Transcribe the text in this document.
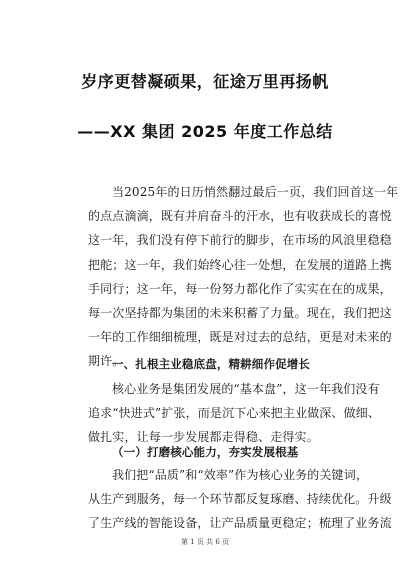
岁序更替凝硕果，征途万里再扬帆
——XX 集团 2025 年度工作总结
当2025年的日历悄然翻过最后一页，我们回首这一年
的点点滴滴，既有并肩奋斗的汗水，也有收获成长的喜悦
这一年，我们没有停下前行的脚步，在市场的风浪里稳稳
把舵；这一年，我们始终心往一处想，在发展的道路上携
手同行；这一年，每一份努力都化作了实实在在的成果，
每一次坚持都为集团的未来积蓄了力量。现在，我们把这
一年的工作细细梳理，既是对过去的总结，更是对未来的
期许。
一、扎根主业稳底盘，精耕细作促增长
核心业务是集团发展的“基本盘”，这一年我们没有
追求“快进式”扩张，而是沉下心来把主业做深、做细、
做扎实，让每一步发展都走得稳、走得实。
（一）打磨核心能力，夯实发展根基
我们把“品质”和“效率”作为核心业务的关键词，
从生产到服务，每一个环节都反复琢磨、持续优化。升级
了生产线的智能设备，让产品质量更稳定；梳理了业务流
第 1 页 共 6 页
